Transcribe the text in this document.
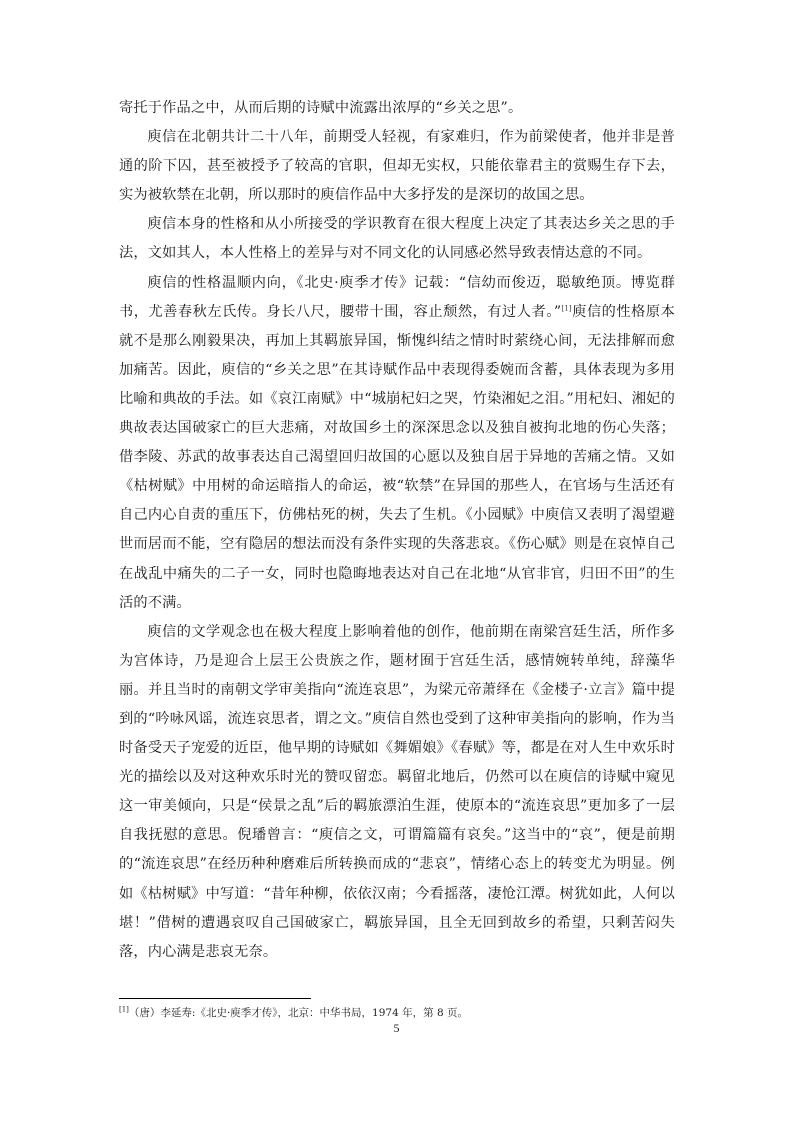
寄托于作品之中，从而后期的诗赋中流露出浓厚的“乡关之思”。

庾信在北朝共计二十八年，前期受人轻视，有家难归，作为前梁使者，他并非是普通的阶下囚，甚至被授予了较高的官职，但却无实权，只能依靠君主的赏赐生存下去，实为被软禁在北朝，所以那时的庾信作品中大多抒发的是深切的故国之思。

庾信本身的性格和从小所接受的学识教育在很大程度上决定了其表达乡关之思的手法，文如其人，本人性格上的差异与对不同文化的认同感必然导致表情达意的不同。

庾信的性格温顺内向，《北史·庾季才传》记载：“信幼而俊迈，聪敏绝顶。博览群书，尤善春秋左氏传。身长八尺，腰带十围，容止颓然，有过人者。”[1]庾信的性格原本就不是那么刚毅果决，再加上其羁旅异国，惭愧纠结之情时时萦绕心间，无法排解而愈加痛苦。因此，庾信的“乡关之思”在其诗赋作品中表现得委婉而含蓄，具体表现为多用比喻和典故的手法。如《哀江南赋》中“城崩杞妇之哭，竹染湘妃之泪。”用杞妇、湘妃的典故表达国破家亡的巨大悲痛，对故国乡土的深深思念以及独自被拘北地的伤心失落；借李陵、苏武的故事表达自己渴望回归故国的心愿以及独自居于异地的苦痛之情。又如《枯树赋》中用树的命运暗指人的命运，被“软禁”在异国的那些人，在官场与生活还有自己内心自责的重压下，仿佛枯死的树，失去了生机。《小园赋》中庾信又表明了渴望避世而居而不能，空有隐居的想法而没有条件实现的失落悲哀。《伤心赋》则是在哀悼自己在战乱中痛失的二子一女，同时也隐晦地表达对自己在北地“从官非官，归田不田”的生活的不满。

庾信的文学观念也在极大程度上影响着他的创作，他前期在南梁宫廷生活，所作多为宫体诗，乃是迎合上层王公贵族之作，题材囿于宫廷生活，感情婉转单纯，辞藻华丽。并且当时的南朝文学审美指向“流连哀思”，为梁元帝萧绎在《金楼子·立言》篇中提到的“吟咏风谣，流连哀思者，谓之文。”庾信自然也受到了这种审美指向的影响，作为当时备受天子宠爱的近臣，他早期的诗赋如《舞媚娘》《春赋》等，都是在对人生中欢乐时光的描绘以及对这种欢乐时光的赞叹留恋。羁留北地后，仍然可以在庾信的诗赋中窥见这一审美倾向，只是“侯景之乱”后的羁旅漂泊生涯，使原本的“流连哀思”更加多了一层自我抚慰的意思。倪璠曾言：“庾信之文，可谓篇篇有哀矣。”这当中的“哀”，便是前期的“流连哀思”在经历种种磨难后所转换而成的“悲哀”，情绪心态上的转变尤为明显。例如《枯树赋》中写道：“昔年种柳，依依汉南；今看摇落，凄怆江潭。树犹如此，人何以堪！”借树的遭遇哀叹自己国破家亡，羁旅异国，且全无回到故乡的希望，只剩苦闷失落，内心满是悲哀无奈。

[1]（唐）李延寿:《北史·庾季才传》，北京：中华书局，1974 年，第 8 页。
5
